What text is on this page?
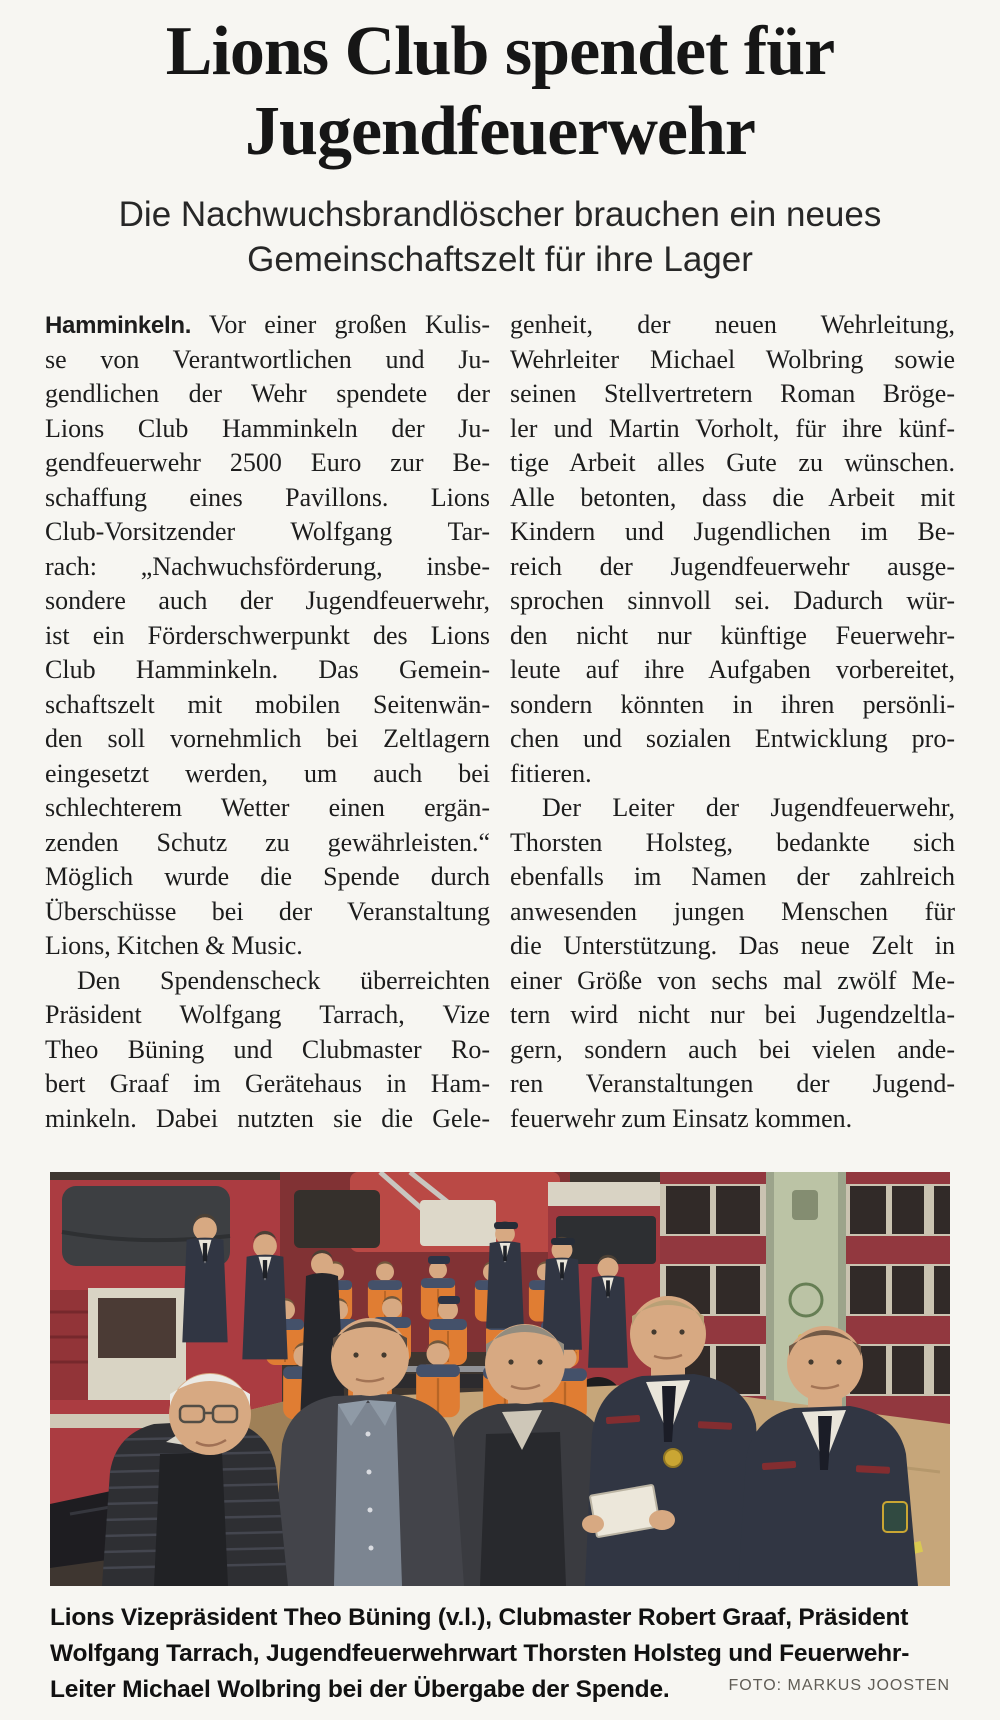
Lions Club spendet für Jugendfeuerwehr
Die Nachwuchsbrandlöscher brauchen ein neues Gemeinschaftszelt für ihre Lager
Hamminkeln. Vor einer großen Kulis-
se von Verantwortlichen und Ju-
gendlichen der Wehr spendete der
Lions Club Hamminkeln der Ju-
gendfeuerwehr 2500 Euro zur Be-
schaffung eines Pavillons. Lions
Club-Vorsitzender Wolfgang Tar-
rach: „Nachwuchsförderung, insbe-
sondere auch der Jugendfeuerwehr,
ist ein Förderschwerpunkt des Lions
Club Hamminkeln. Das Gemein-
schaftszelt mit mobilen Seitenwän-
den soll vornehmlich bei Zeltlagern
eingesetzt werden, um auch bei
schlechterem Wetter einen ergän-
zenden Schutz zu gewährleisten.“
Möglich wurde die Spende durch
Überschüsse bei der Veranstaltung
Lions, Kitchen & Music.
Den Spendenscheck überreichten
Präsident Wolfgang Tarrach, Vize
Theo Büning und Clubmaster Ro-
bert Graaf im Gerätehaus in Ham-
minkeln. Dabei nutzten sie die Gele-
genheit, der neuen Wehrleitung,
Wehrleiter Michael Wolbring sowie
seinen Stellvertretern Roman Bröge-
ler und Martin Vorholt, für ihre künf-
tige Arbeit alles Gute zu wünschen.
Alle betonten, dass die Arbeit mit
Kindern und Jugendlichen im Be-
reich der Jugendfeuerwehr ausge-
sprochen sinnvoll sei. Dadurch wür-
den nicht nur künftige Feuerwehr-
leute auf ihre Aufgaben vorbereitet,
sondern könnten in ihren persönli-
chen und sozialen Entwicklung pro-
fitieren.
Der Leiter der Jugendfeuerwehr,
Thorsten Holsteg, bedankte sich
ebenfalls im Namen der zahlreich
anwesenden jungen Menschen für
die Unterstützung. Das neue Zelt in
einer Größe von sechs mal zwölf Me-
tern wird nicht nur bei Jugendzeltla-
gern, sondern auch bei vielen ande-
ren Veranstaltungen der Jugend-
feuerwehr zum Einsatz kommen.
Lions Vizepräsident Theo Büning (v.l.), Clubmaster Robert Graaf, Präsident Wolfgang Tarrach, Jugendfeuerwehrwart Thorsten Holsteg und Feuerwehr-Leiter Michael Wolbring bei der Übergabe der Spende.	FOTO: MARKUS JOOSTEN
